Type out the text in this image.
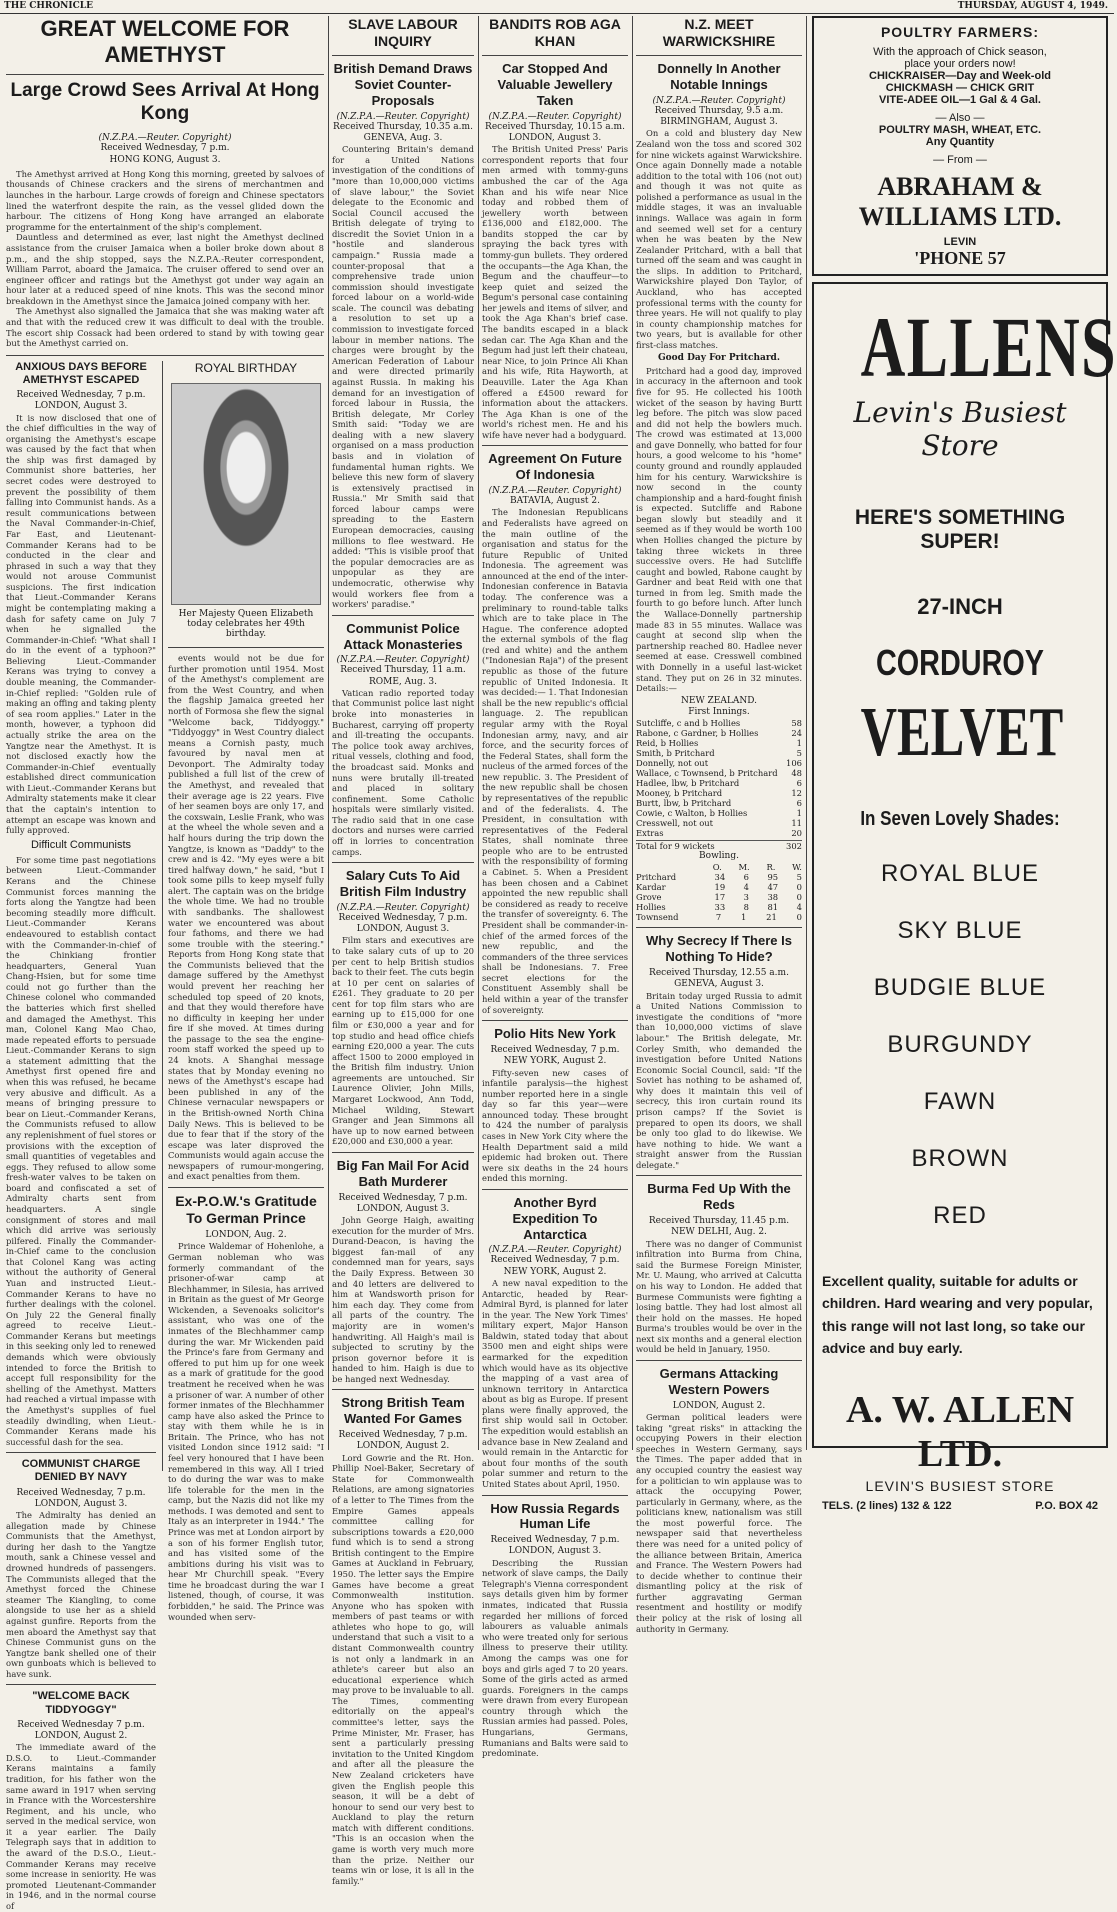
THE CHRONICLE	THURSDAY, AUGUST 4, 1949.
GREAT WELCOME FOR AMETHYST
Large Crowd Sees Arrival At Hong Kong
(N.Z.P.A.—Reuter. Copyright)
Received Wednesday, 7 p.m.
HONG KONG, August 3.

The Amethyst arrived at Hong Kong this morning, greeted by salvoes of thousands of Chinese crackers and the sirens of merchantmen and launches in the harbour. Large crowds of foreign and Chinese spectators lined the waterfront despite the rain, as the vessel glided down the harbour. The citizens of Hong Kong have arranged an elaborate programme for the entertainment of the ship's complement.

Dauntless and determined as ever, last night the Amethyst declined assistance from the cruiser Jamaica when a boiler broke down about 8 p.m., and the ship stopped, says the N.Z.P.A.-Reuter correspondent, William Parrot, aboard the Jamaica. The cruiser offered to send over an engineer officer and ratings but the Amethyst got under way again an hour later at a reduced speed of nine knots. This was the second minor breakdown in the Amethyst since the Jamaica joined company with her.

The Amethyst also signalled the Jamaica that she was making water aft and that with the reduced crew it was difficult to deal with the trouble. The escort ship Cossack had been ordered to stand by with towing gear but the Amethyst carried on.

ANXIOUS DAYS BEFORE AMETHYST ESCAPED
Received Wednesday, 7 p.m.
LONDON, August 3.

It is now disclosed that one of the chief difficulties in the way of organising the Amethyst's escape was caused by the fact that when the ship was first damaged by Communist shore batteries, her secret codes were destroyed to prevent the possibility of them falling into Communist hands. As a result communications between the Naval Commander-in-Chief, Far East, and Lieutenant-Commander Kerans had to be conducted in the clear and phrased in such a way that they would not arouse Communist suspicions. The first indication that Lieut.-Commander Kerans might be contemplating making a dash for safety came on July 7 when he signalled the Commander-in-Chief: "What shall I do in the event of a typhoon?" Believing Lieut.-Commander Kerans was trying to convey a double meaning, the Commander-in-Chief replied: "Golden rule of making an offing and taking plenty of sea room applies." Later in the month, however, a typhoon did actually strike the area on the Yangtze near the Amethyst. It is not disclosed exactly how the Commander-in-Chief eventually established direct communication with Lieut.-Commander Kerans but Admiralty statements make it clear that the captain's intention to attempt an escape was known and fully approved.

Difficult Communists

For some time past negotiations between Lieut.-Commander Kerans and the Chinese Communist forces manning the forts along the Yangtze had been becoming steadily more difficult. Lieut.-Commander Kerans endeavoured to establish contact with the Commander-in-chief of the Chinkiang frontier headquarters, General Yuan Chang-Hsien, but for some time could not go further than the Chinese colonel who commanded the batteries which first shelled and damaged the Amethyst. This man, Colonel Kang Mao Chao, made repeated efforts to persuade Lieut.-Commander Kerans to sign a statement admitting that the Amethyst first opened fire and when this was refused, he became very abusive and difficult. As a means of bringing pressure to bear on Lieut.-Commander Kerans, the Communists refused to allow any replenishment of fuel stores or provisions with the exception of small quantities of vegetables and eggs. They refused to allow some fresh-water valves to be taken on board and confiscated a set of Admiralty charts sent from headquarters. A single consignment of stores and mail which did arrive was seriously pilfered. Finally the Commander-in-Chief came to the conclusion that Colonel Kang was acting without the authority of General Yuan and instructed Lieut.-Commander Kerans to have no further dealings with the colonel. On July 22 the General finally agreed to receive Lieut.-Commander Kerans but meetings in this seeking only led to renewed demands which were obviously intended to force the British to accept full responsibility for the shelling of the Amethyst. Matters had reached a virtual impasse with the Amethyst's supplies of fuel steadily dwindling, when Lieut.-Commander Kerans made his successful dash for the sea.

COMMUNIST CHARGE DENIED BY NAVY
Received Wednesday, 7 p.m.
LONDON, August 3.

The Admiralty has denied an allegation made by Chinese Communists that the Amethyst, during her dash to the Yangtze mouth, sank a Chinese vessel and drowned hundreds of passengers. The Communists alleged that the Amethyst forced the Chinese steamer The Kiangling, to come alongside to use her as a shield against gunfire. Reports from the men aboard the Amethyst say that Chinese Communist guns on the Yangtze bank shelled one of their own gunboats which is believed to have sunk.

"WELCOME BACK TIDDYOGGY"
Received Wednesday 7 p.m.
LONDON, August 2.

The immediate award of the D.S.O. to Lieut.-Commander Kerans maintains a family tradition, for his father won the same award in 1917 when serving in France with the Worcestershire Regiment, and his uncle, who served in the medical service, won it a year earlier. The Daily Telegraph says that in addition to the award of the D.S.O., Lieut.-Commander Kerans may receive some increase in seniority. He was promoted Lieutenant-Commander in 1946, and in the normal course of

ROYAL BIRTHDAY
Her Majesty Queen Elizabeth today celebrates her 49th birthday.

events would not be due for further promotion until 1954. Most of the Amethyst's complement are from the West Country, and when the flagship Jamaica greeted her north of Formosa she flew the signal "Welcome back, Tiddyoggy." "Tiddyoggy" in West Country dialect means a Cornish pasty, much favoured by naval men at Devonport. The Admiralty today published a full list of the crew of the Amethyst, and revealed that their average age is 22 years. Five of her seamen boys are only 17, and the coxswain, Leslie Frank, who was at the wheel the whole seven and a half hours during the trip down the Yangtze, is known as "Daddy" to the crew and is 42. "My eyes were a bit tired halfway down," he said, "but I took some pills to keep myself fully alert. The captain was on the bridge the whole time. We had no trouble with sandbanks. The shallowest water we encountered was about four fathoms, and there we had some trouble with the steering." Reports from Hong Kong state that the Communists believed that the damage suffered by the Amethyst would prevent her reaching her scheduled top speed of 20 knots, and that they would therefore have no difficulty in keeping her under fire if she moved. At times during the passage to the sea the engine-room staff worked the speed up to 24 knots. A Shanghai message states that by Monday evening no news of the Amethyst's escape had been published in any of the Chinese vernacular newspapers or in the British-owned North China Daily News. This is believed to be due to fear that if the story of the escape was later disproved the Communists would again accuse the newspapers of rumour-mongering, and exact penalties from them.

Ex-P.O.W.'s Gratitude To German Prince
LONDON, Aug. 2.

Prince Waldemar of Hohenlohe, a German nobleman who was formerly commandant of the prisoner-of-war camp at Blechhammer, in Silesia, has arrived in Britain as the guest of Mr George Wickenden, a Sevenoaks solicitor's assistant, who was one of the inmates of the Blechhammer camp during the war. Mr Wickenden paid the Prince's fare from Germany and offered to put him up for one week as a mark of gratitude for the good treatment he received when he was a prisoner of war. A number of other former inmates of the Blechhammer camp have also asked the Prince to stay with them while he is in Britain. The Prince, who has not visited London since 1912 said: "I feel very honoured that I have been remembered in this way. All I tried to do during the war was to make life tolerable for the men in the camp, but the Nazis did not like my methods. I was demoted and sent to Italy as an interpreter in 1944." The Prince was met at London airport by a son of his former English tutor, and has visited some of the ambitions during his visit was to hear Mr Churchill speak. "Every time he broadcast during the war I listened, though, of course, it was forbidden," he said. The Prince was wounded when serv-

SLAVE LABOUR INQUIRY
British Demand Draws Soviet Counter-Proposals
(N.Z.P.A.—Reuter. Copyright)
Received Thursday, 10.35 a.m.
GENEVA, Aug. 3.

Countering Britain's demand for a United Nations investigation of the conditions of "more than 10,000,000 victims of slave labour," the Soviet delegate to the Economic and Social Council accused the British delegate of trying to discredit the Soviet Union in a "hostile and slanderous campaign." Russia made a counter-proposal that a comprehensive trade union commission should investigate forced labour on a world-wide scale. The council was debating a resolution to set up a commission to investigate forced labour in member nations. The charges were brought by the American Federation of Labour and were directed primarily against Russia. In making his demand for an investigation of forced labour in Russia, the British delegate, Mr Corley Smith said: "Today we are dealing with a new slavery organised on a mass production basis and in violation of fundamental human rights. We believe this new form of slavery is extensively practised in Russia." Mr Smith said that forced labour camps were spreading to the Eastern European democracies, causing millions to flee westward. He added: "This is visible proof that the popular democracies are as unpopular as they are undemocratic, otherwise why would workers flee from a workers' paradise."

Communist Police Attack Monasteries
(N.Z.P.A.—Reuter. Copyright)
Received Thursday, 11 a.m.
ROME, Aug. 3.

Vatican radio reported today that Communist police last night broke into monasteries in Bucharest, carrying off property and ill-treating the occupants. The police took away archives, ritual vessels, clothing and food, the broadcast said. Monks and nuns were brutally ill-treated and placed in solitary confinement. Some Catholic hospitals were similarly visited. The radio said that in one case doctors and nurses were carried off in lorries to concentration camps.

Salary Cuts To Aid British Film Industry
(N.Z.P.A.—Reuter. Copyright)
Received Wednesday, 7 p.m.
LONDON, August 3.

Film stars and executives are to take salary cuts of up to 20 per cent to help British studios back to their feet. The cuts begin at 10 per cent on salaries of £261. They graduate to 20 per cent for top film stars who are earning up to £15,000 for one film or £30,000 a year and for top studio and head office chiefs earning £20,000 a year. The cuts affect 1500 to 2000 employed in the British film industry. Union agreements are untouched. Sir Laurence Olivier, John Mills, Margaret Lockwood, Ann Todd, Michael Wilding, Stewart Granger and Jean Simmons all have up to now earned between £20,000 and £30,000 a year.

Big Fan Mail For Acid Bath Murderer
Received Wednesday, 7 p.m.
LONDON, August 3.

John George Haigh, awaiting execution for the murder of Mrs. Durand-Deacon, is having the biggest fan-mail of any condemned man for years, says the Daily Express. Between 30 and 40 letters are delivered to him at Wandsworth prison for him each day. They come from all parts of the country. The majority are in women's handwriting. All Haigh's mail is subjected to scrutiny by the prison governor before it is handed to him. Haigh is due to be hanged next Wednesday.

Strong British Team Wanted For Games
Received Wednesday, 7 p.m.
LONDON, August 2.

Lord Gowrie and the Rt. Hon. Phillip Noel-Baker, Secretary of State for Commonwealth Relations, are among signatories of a letter to The Times from the Empire Games appeals committee calling for subscriptions towards a £20,000 fund which is to send a strong British contingent to the Empire Games at Auckland in February, 1950. The letter says the Empire Games have become a great Commonwealth institution. Anyone who has spoken with members of past teams or with athletes who hope to go, will understand that such a visit to a distant Commonwealth country is not only a landmark in an athlete's career but also an educational experience which may prove to be invaluable to all. The Times, commenting editorially on the appeal's committee's letter, says the Prime Minister, Mr. Fraser, has sent a particularly pressing invitation to the United Kingdom and after all the pleasure the New Zealand cricketers have given the English people this season, it will be a debt of honour to send our very best to Auckland to play the return match with different conditions. "This is an occasion when the game is worth very much more than the prize. Neither our teams win or lose, it is all in the family."

BANDITS ROB AGA KHAN
Car Stopped And Valuable Jewellery Taken
(N.Z.P.A.—Reuter. Copyright)
Received Thursday, 10.15 a.m.
LONDON, August 3.

The British United Press' Paris correspondent reports that four men armed with tommy-guns ambushed the car of the Aga Khan and his wife near Nice today and robbed them of jewellery worth between £136,000 and £182,000. The bandits stopped the car by spraying the back tyres with tommy-gun bullets. They ordered the occupants—the Aga Khan, the Begum and the chauffeur—to keep quiet and seized the Begum's personal case containing her jewels and items of silver, and took the Aga Khan's brief case. The bandits escaped in a black sedan car. The Aga Khan and the Begum had just left their chateau, near Nice, to join Prince Ali Khan and his wife, Rita Hayworth, at Deauville. Later the Aga Khan offered a £4500 reward for information about the attackers. The Aga Khan is one of the world's richest men. He and his wife have never had a bodyguard.

Agreement On Future Of Indonesia
(N.Z.P.A.—Reuter. Copyright)
BATAVIA, August 2.

The Indonesian Republicans and Federalists have agreed on the main outline of the organisation and status for the future Republic of United Indonesia. The agreement was announced at the end of the inter-Indonesian conference in Batavia today. The conference was a preliminary to round-table talks which are to take place in The Hague. The conference adopted the external symbols of the flag (red and white) and the anthem ("Indonesian Raja") of the present republic as those of the future republic of United Indonesia. It was decided:— 1. That Indonesian shall be the new republic's official language. 2. The republican regular army with the Royal Indonesian army, navy, and air force, and the security forces of the Federal States, shall form the nucleus of the armed forces of the new republic. 3. The President of the new republic shall be chosen by representatives of the republic and of the federalists. 4. The President, in consultation with representatives of the Federal States, shall nominate three people who are to be entrusted with the responsibility of forming a Cabinet. 5. When a President has been chosen and a Cabinet appointed the new republic shall be considered as ready to receive the transfer of sovereignty. 6. The President shall be commander-in-chief of the armed forces of the new republic, and the commanders of the three services shall be Indonesians. 7. Free secret elections for the Constituent Assembly shall be held within a year of the transfer of sovereignty.

Polio Hits New York
Received Wednesday, 7 p.m.
NEW YORK, August 2.

Fifty-seven new cases of infantile paralysis—the highest number reported here in a single day so far this year—were announced today. These brought to 424 the number of paralysis cases in New York City where the Health Department said a mild epidemic had broken out. There were six deaths in the 24 hours ended this morning.

Another Byrd Expedition To Antarctica
(N.Z.P.A.—Reuter. Copyright)
Received Wednesday, 7 p.m.
NEW YORK, August 2.

A new naval expedition to the Antarctic, headed by Rear-Admiral Byrd, is planned for later in the year. The New York Times' military expert, Major Hanson Baldwin, stated today that about 3500 men and eight ships were earmarked for the expedition which would have as its objective the mapping of a vast area of unknown territory in Antarctica about as big as Europe. If present plans were finally approved, the first ship would sail in October. The expedition would establish an advance base in New Zealand and would remain in the Antarctic for about four months of the south polar summer and return to the United States about April, 1950.

How Russia Regards Human Life
Received Wednesday, 7 p.m.
LONDON, August 3.

Describing the Russian network of slave camps, the Daily Telegraph's Vienna correspondent says details given him by former inmates, indicated that Russia regarded her millions of forced labourers as valuable animals who were treated only for serious illness to preserve their utility. Among the camps was one for boys and girls aged 7 to 20 years. Some of the girls acted as armed guards. Foreigners in the camps were drawn from every European country through which the Russian armies had passed. Poles, Hungarians, Germans, Rumanians and Balts were said to predominate.

N.Z. MEET WARWICKSHIRE
Donnelly In Another Notable Innings
(N.Z.P.A.—Reuter. Copyright)
Received Thursday, 9.5 a.m.
BIRMINGHAM, August 3.

On a cold and blustery day New Zealand won the toss and scored 302 for nine wickets against Warwickshire. Once again Donnelly made a notable addition to the total with 106 (not out) and though it was not quite as polished a performance as usual in the middle stages, it was an invaluable innings. Wallace was again in form and seemed well set for a century when he was beaten by the New Zealander Pritchard, with a ball that turned off the seam and was caught in the slips. In addition to Pritchard, Warwickshire played Don Taylor, of Auckland, who has accepted professional terms with the county for three years. He will not qualify to play in county championship matches for two years, but is available for other first-class matches.

Good Day For Pritchard.

Pritchard had a good day, improved in accuracy in the afternoon and took five for 95. He collected his 100th wicket of the season by having Burtt leg before. The pitch was slow paced and did not help the bowlers much. The crowd was estimated at 13,000 and gave Donnelly, who batted for four hours, a good welcome to his "home" county ground and roundly applauded him for his century. Warwickshire is now second in the county championship and a hard-fought finish is expected. Sutcliffe and Rabone began slowly but steadily and it seemed as if they would be worth 100 when Hollies changed the picture by taking three wickets in three successive overs. He had Sutcliffe caught and bowled, Rabone caught by Gardner and beat Reid with one that turned in from leg. Smith made the fourth to go before lunch. After lunch the Wallace-Donnelly partnership made 83 in 55 minutes. Wallace was caught at second slip when the partnership reached 80. Hadlee never seemed at ease. Cresswell combined with Donnelly in a useful last-wicket stand. They put on 26 in 32 minutes. Details:—

NEW ZEALAND.
First Innings.
Sutcliffe, c and b Hollies	58
Rabone, c Gardner, b Hollies	24
Reid, b Hollies	1
Smith, b Pritchard	5
Donnelly, not out	106
Wallace, c Townsend, b Pritchard 48
Hadlee, lbw, b Pritchard	6
Mooney, b Pritchard	12
Burtt, lbw, b Pritchard	6
Cowie, c Walton, b Hollies	1
Cresswell, not out	11
Extras	20
Total for 9 wickets	302
Bowling.
O. M. R. W.
Pritchard	34 6 95 5
Kardar	19 4 47 0
Grove	17 3 38 0
Hollies	33 8 81 4
Townsend	7 1 21 0
Why Secrecy If There Is Nothing To Hide?
Received Thursday, 12.55 a.m.
GENEVA, August 3.

Britain today urged Russia to admit a United Nations Commission to investigate the conditions of "more than 10,000,000 victims of slave labour." The British delegate, Mr. Corley Smith, who demanded the investigation before United Nations Economic Social Council, said: "If the Soviet has nothing to be ashamed of, why does it maintain this veil of secrecy, this iron curtain round its prison camps? If the Soviet is prepared to open its doors, we shall be only too glad to do likewise. We have nothing to hide. We want a straight answer from the Russian delegate."

Burma Fed Up With the Reds
Received Thursday, 11.45 p.m.
NEW DELHI, Aug. 2.

There was no danger of Communist infiltration into Burma from China, said the Burmese Foreign Minister, Mr. U. Maung, who arrived at Calcutta on his way to London. He added that Burmese Communists were fighting a losing battle. They had lost almost all their hold on the masses. He hoped Burma's troubles would be over in the next six months and a general election would be held in January, 1950.

Germans Attacking Western Powers
LONDON, August 2.

German political leaders were taking "great risks" in attacking the occupying Powers in their election speeches in Western Germany, says the Times. The paper added that in any occupied country the easiest way for a politician to win applause was to attack the occupying Power, particularly in Germany, where, as the politicians knew, nationalism was still the most powerful force. The newspaper said that nevertheless there was need for a united policy of the alliance between Britain, America and France. The Western Powers had to decide whether to continue their dismantling policy at the risk of further aggravating German resentment and hostility or modify their policy at the risk of losing all authority in Germany.

POULTRY FARMERS:
With the approach of Chick season,
place your orders now!
CHICKRAISER—Day and Week-old
CHICKMASH — CHICK GRIT
VITE-ADEE OIL—1 Gal & 4 Gal.
— Also —
POULTRY MASH, WHEAT, ETC.
Any Quantity
— From —
ABRAHAM & WILLIAMS LTD.
LEVIN
'PHONE 57
ALLENS
Levin's Busiest Store
HERE'S SOMETHING SUPER!
27-INCH
CORDUROY
VELVET
In Seven Lovely Shades:
ROYAL BLUE
SKY BLUE
BUDGIE BLUE
BURGUNDY
FAWN
BROWN
RED
Excellent quality, suitable for adults or children. Hard wearing and very popular, this range will not last long, so take our advice and buy early.
A. W. ALLEN LTD.
LEVIN'S BUSIEST STORE
TELS. (2 lines) 132 & 122	P.O. BOX 42
